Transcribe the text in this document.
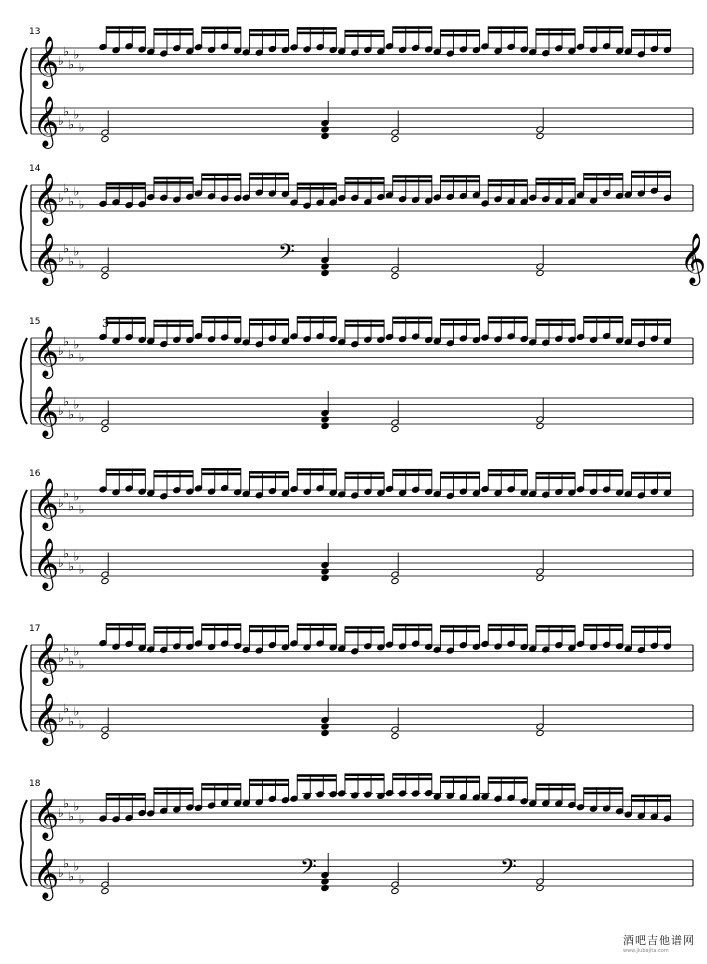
13
𝄞
𝄞
♭
♭
♭
♭
♭
♭
♭
♭
♭
♭
14
𝄞
𝄞
♭
♭
♭
♭
♭
♭
♭
♭
♭
♭	𝄢	𝄞
15
𝄞
𝄞
♭
♭
♭
♭
♭
♭
♭
♭
♭
♭
3
16
𝄞
𝄞
♭
♭
♭
♭
♭
♭
♭
♭
♭
♭
17
𝄞
𝄞
♭
♭
♭
♭
♭
♭
♭
♭
♭
♭
18
𝄞
𝄞
♭
♭
♭
♭
♭
♭
♭
♭
♭
♭	𝄢	𝄢
酒吧吉他谱网
www.jiubajita.com
